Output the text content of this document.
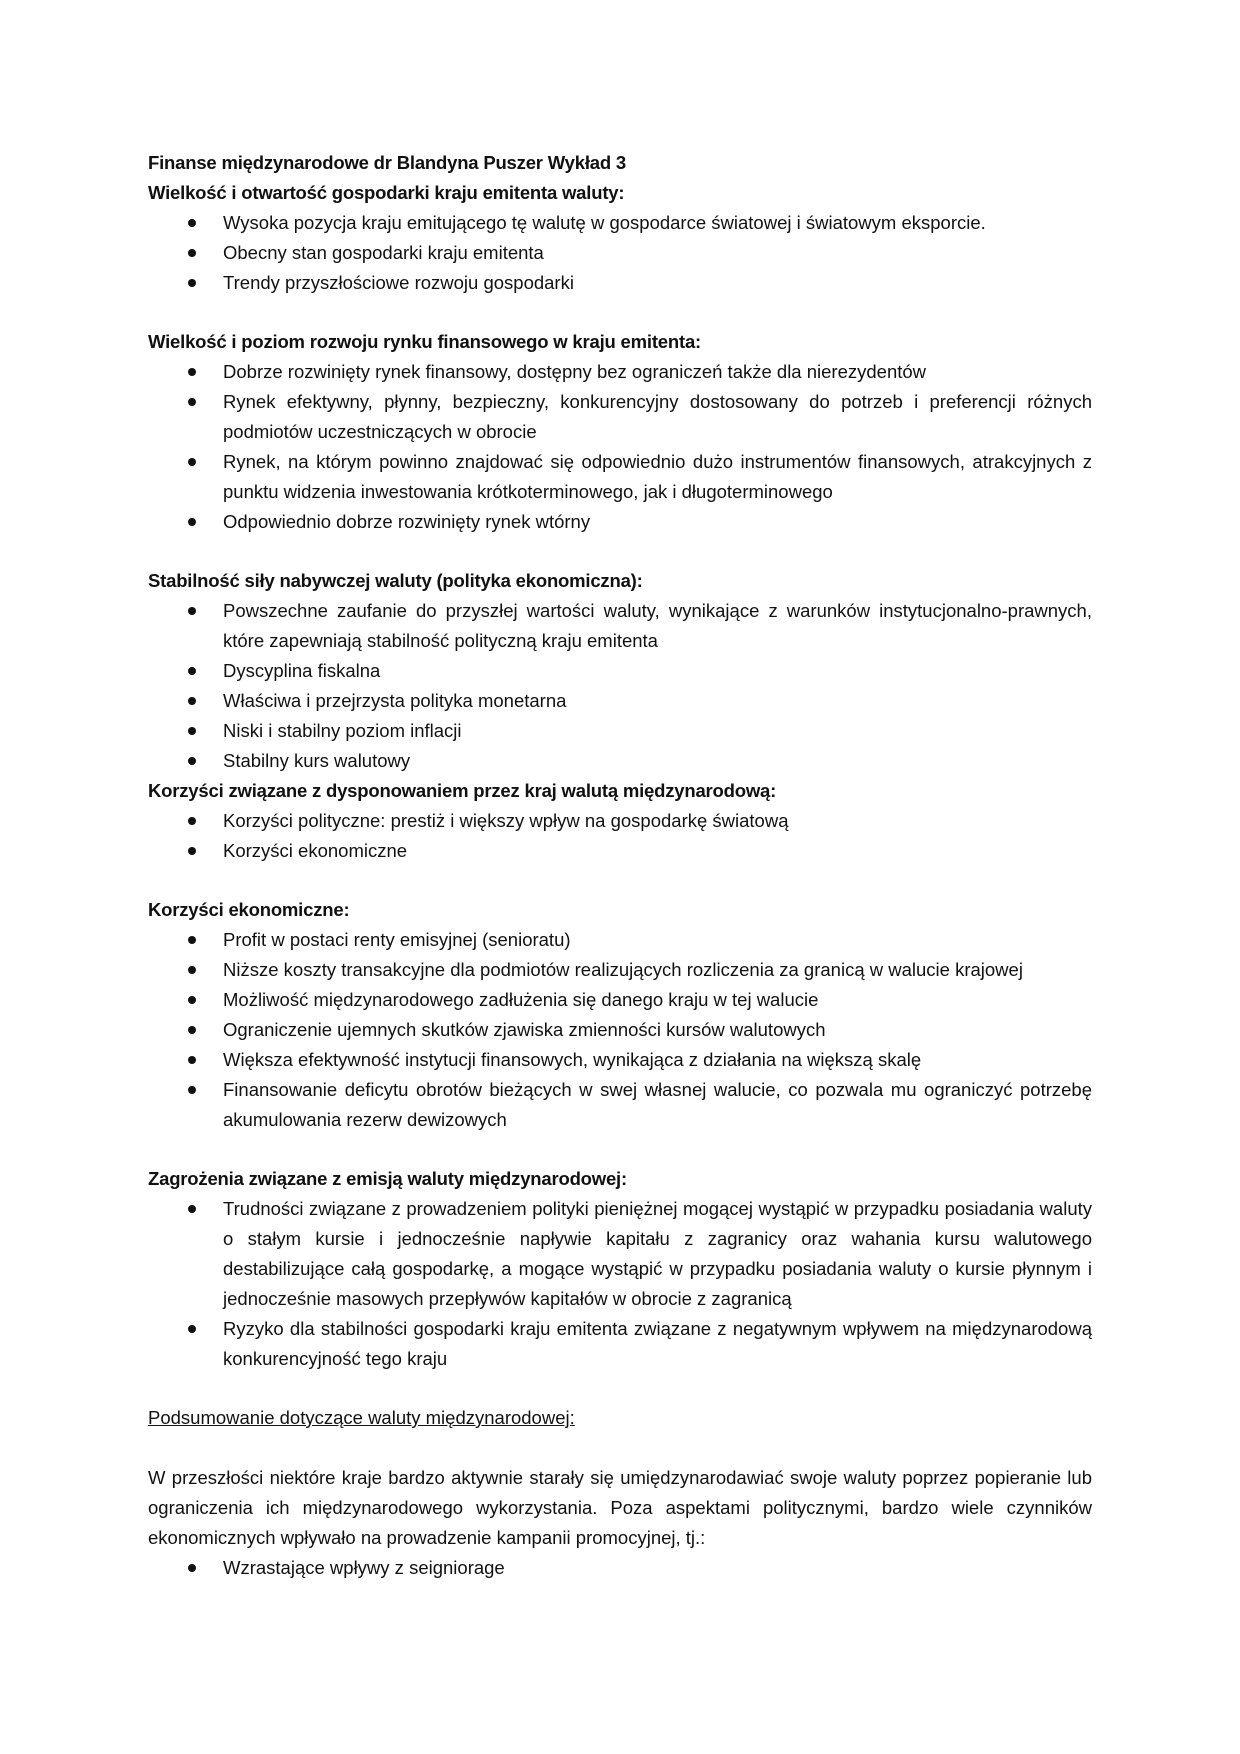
Finanse międzynarodowe dr Blandyna Puszer Wykład 3

Wielkość i otwartość gospodarki kraju emitenta waluty:

Wysoka pozycja kraju emitującego tę walutę w gospodarce światowej i światowym eksporcie.
Obecny stan gospodarki kraju emitenta
Trendy przyszłościowe rozwoju gospodarki

Wielkość i poziom rozwoju rynku finansowego w kraju emitenta:

Dobrze rozwinięty rynek finansowy, dostępny bez ograniczeń także dla nierezydentów
Rynek efektywny, płynny, bezpieczny, konkurencyjny dostosowany do potrzeb i preferencji różnych podmiotów uczestniczących w obrocie
Rynek, na którym powinno znajdować się odpowiednio dużo instrumentów finansowych, atrakcyjnych z punktu widzenia inwestowania krótkoterminowego, jak i długoterminowego
Odpowiednio dobrze rozwinięty rynek wtórny

Stabilność siły nabywczej waluty (polityka ekonomiczna):

Powszechne zaufanie do przyszłej wartości waluty, wynikające z warunków instytucjonalno-prawnych, które zapewniają stabilność polityczną kraju emitenta
Dyscyplina fiskalna
Właściwa i przejrzysta polityka monetarna
Niski i stabilny poziom inflacji
Stabilny kurs walutowy

Korzyści związane z dysponowaniem przez kraj walutą międzynarodową:

Korzyści polityczne: prestiż i większy wpływ na gospodarkę światową
Korzyści ekonomiczne

Korzyści ekonomiczne:

Profit w postaci renty emisyjnej (senioratu)
Niższe koszty transakcyjne dla podmiotów realizujących rozliczenia za granicą w walucie krajowej
Możliwość międzynarodowego zadłużenia się danego kraju w tej walucie
Ograniczenie ujemnych skutków zjawiska zmienności kursów walutowych
Większa efektywność instytucji finansowych, wynikająca z działania na większą skalę
Finansowanie deficytu obrotów bieżących w swej własnej walucie, co pozwala mu ograniczyć potrzebę akumulowania rezerw dewizowych

Zagrożenia związane z emisją waluty międzynarodowej:

Trudności związane z prowadzeniem polityki pieniężnej mogącej wystąpić w przypadku posiadania waluty o stałym kursie i jednocześnie napływie kapitału z zagranicy oraz wahania kursu walutowego destabilizujące całą gospodarkę, a mogące wystąpić w przypadku posiadania waluty o kursie płynnym i jednocześnie masowych przepływów kapitałów w obrocie z zagranicą
Ryzyko dla stabilności gospodarki kraju emitenta związane z negatywnym wpływem na międzynarodową konkurencyjność tego kraju

Podsumowanie dotyczące waluty międzynarodowej:

W przeszłości niektóre kraje bardzo aktywnie starały się umiędzynarodawiać swoje waluty poprzez popieranie lub ograniczenia ich międzynarodowego wykorzystania. Poza aspektami politycznymi, bardzo wiele czynników ekonomicznych wpływało na prowadzenie kampanii promocyjnej, tj.:

Wzrastające wpływy z seigniorage
